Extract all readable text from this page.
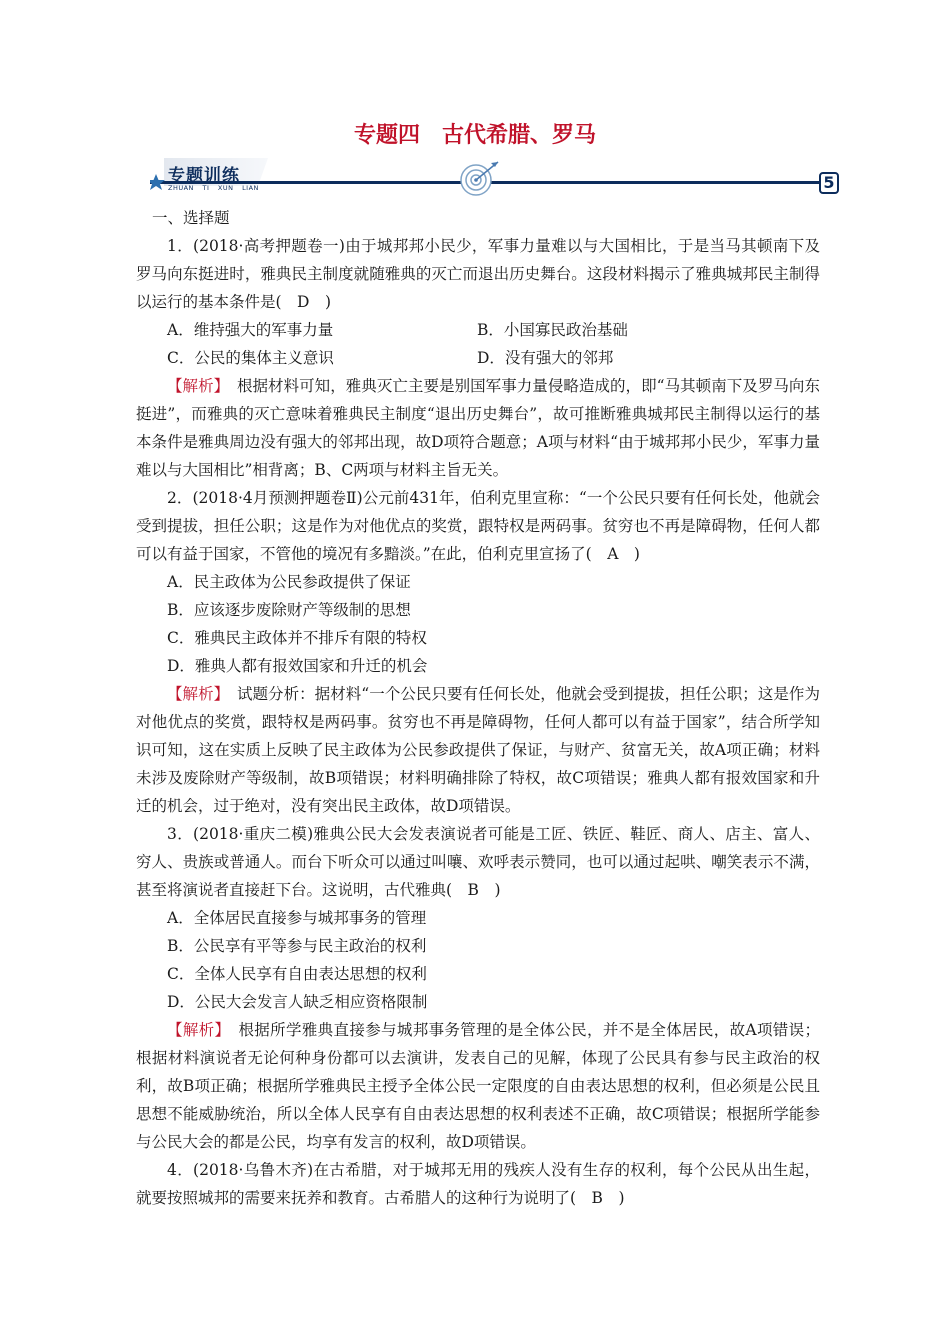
专题四　古代希腊、罗马
专题训练
ZHUAN TI XUN LIAN	5

一、选择题

1．(2018·高考押题卷一)由于城邦邦小民少，军事力量难以与大国相比，于是当马其顿南下及罗马向东挺进时，雅典民主制度就随雅典的灭亡而退出历史舞台。这段材料揭示了雅典城邦民主制得以运行的基本条件是(　D　)

A．维持强大的军事力量	B．小国寡民政治基础
C．公民的集体主义意识	D．没有强大的邻邦

【解析】　根据材料可知，雅典灭亡主要是别国军事力量侵略造成的，即“马其顿南下及罗马向东挺进”，而雅典的灭亡意味着雅典民主制度“退出历史舞台”，故可推断雅典城邦民主制得以运行的基本条件是雅典周边没有强大的邻邦出现，故D项符合题意；A项与材料“由于城邦邦小民少，军事力量难以与大国相比”相背离；B、C两项与材料主旨无关。

2．(2018·4月预测押题卷Ⅱ)公元前431年，伯利克里宣称：“一个公民只要有任何长处，他就会受到提拔，担任公职；这是作为对他优点的奖赏，跟特权是两码事。贫穷也不再是障碍物，任何人都可以有益于国家，不管他的境况有多黯淡。”在此，伯利克里宣扬了(　A　)

A．民主政体为公民参政提供了保证

B．应该逐步废除财产等级制的思想

C．雅典民主政体并不排斥有限的特权

D．雅典人都有报效国家和升迁的机会

【解析】　试题分析：据材料“一个公民只要有任何长处，他就会受到提拔，担任公职；这是作为对他优点的奖赏，跟特权是两码事。贫穷也不再是障碍物，任何人都可以有益于国家”，结合所学知识可知，这在实质上反映了民主政体为公民参政提供了保证，与财产、贫富无关，故A项正确；材料未涉及废除财产等级制，故B项错误；材料明确排除了特权，故C项错误；雅典人都有报效国家和升迁的机会，过于绝对，没有突出民主政体，故D项错误。

3．(2018·重庆二模)雅典公民大会发表演说者可能是工匠、铁匠、鞋匠、商人、店主、富人、穷人、贵族或普通人。而台下听众可以通过叫嚷、欢呼表示赞同，也可以通过起哄、嘲笑表示不满，甚至将演说者直接赶下台。这说明，古代雅典(　B　)

A．全体居民直接参与城邦事务的管理

B．公民享有平等参与民主政治的权利

C．全体人民享有自由表达思想的权利

D．公民大会发言人缺乏相应资格限制

【解析】　根据所学雅典直接参与城邦事务管理的是全体公民，并不是全体居民，故A项错误；根据材料演说者无论何种身份都可以去演讲，发表自己的见解，体现了公民具有参与民主政治的权利，故B项正确；根据所学雅典民主授予全体公民一定限度的自由表达思想的权利，但必须是公民且思想不能威胁统治，所以全体人民享有自由表达思想的权利表述不正确，故C项错误；根据所学能参与公民大会的都是公民，均享有发言的权利，故D项错误。

4．(2018·乌鲁木齐)在古希腊，对于城邦无用的残疾人没有生存的权利，每个公民从出生起，就要按照城邦的需要来抚养和教育。古希腊人的这种行为说明了(　B　)
